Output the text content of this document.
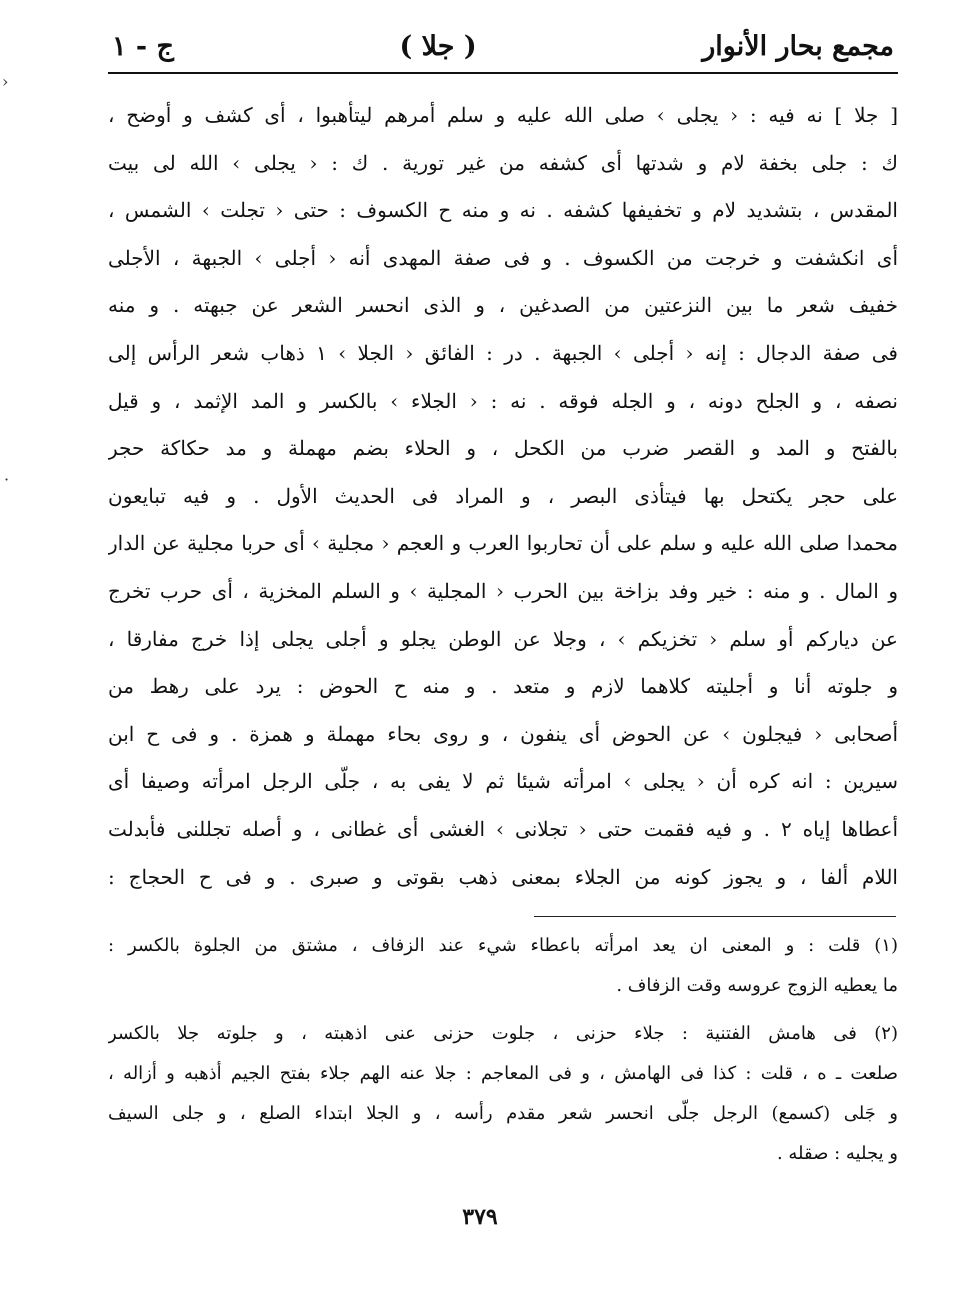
مجمع بحار الأنوار
( جلا )
ج - ١
[ جلا ] نه فيه : ‹ يجلى › صلى الله عليه و سلم أمرهم ليتأهبوا ، أى كشف و أوضح ،
ك : جلى بخفة لام و شدتها أى كشفه من غير تورية . ك : ‹ يجلى › الله لى بيت
المقدس ، بتشديد لام و تخفيفها كشفه . نه و منه ح الكسوف : حتى ‹ تجلت › الشمس ،
أى انكشفت و خرجت من الكسوف . و فى صفة المهدى أنه ‹ أجلى › الجبهة ، الأجلى
خفيف شعر ما بين النزعتين من الصدغين ، و الذى انحسر الشعر عن جبهته . و منه
فى صفة الدجال : إنه ‹ أجلى › الجبهة . در : الفائق ‹ الجلا › ١ ذهاب شعر الرأس إلى
نصفه ، و الجلح دونه ، و الجله فوقه . نه : ‹ الجلاء › بالكسر و المد الإثمد ، و قيل
بالفتح و المد و القصر ضرب من الكحل ، و الحلاء بضم مهملة و مد حكاكة حجر
على حجر يكتحل بها فيتأذى البصر ، و المراد فى الحديث الأول . و فيه تبايعون
محمدا صلى الله عليه و سلم على أن تحاربوا العرب و العجم ‹ مجلية › أى حربا مجلية عن الدار
و المال . و منه : خير وفد بزاخة بين الحرب ‹ المجلية › و السلم المخزية ، أى حرب تخرج
عن دياركم أو سلم ‹ تخزيكم › ، وجلا عن الوطن يجلو و أجلى يجلى إذا خرج مفارقا ،
و جلوته أنا و أجليته كلاهما لازم و متعد . و منه ح الحوض : يرد على رهط من
أصحابى ‹ فيجلون › عن الحوض أى ينفون ، و روى بحاء مهملة و همزة . و فى ح ابن
سيرين : انه كره أن ‹ يجلى › امرأته شيئا ثم لا يفى به ، جلّى الرجل امرأته وصيفا أى
أعطاها إياه ٢ . و فيه فقمت حتى ‹ تجلانى › الغشى أى غطانى ، و أصله تجللنى فأبدلت
اللام ألفا ، و يجوز كونه من الجلاء بمعنى ذهب بقوتى و صبرى . و فى ح الحجاج :
(١) قلت : و المعنى ان يعد امرأته باعطاء شيء عند الزفاف ، مشتق من الجلوة بالكسر :
ما يعطيه الزوج عروسه وقت الزفاف .
(٢) فى هامش الفتنية : جلاء حزنى ، جلوت حزنى عنى اذهبته ، و جلوته جلا بالكسر
صلعت ـ ه ، قلت : كذا فى الهامش ، و فى المعاجم : جلا عنه الهم جلاء بفتح الجيم أذهبه و أزاله ،
و جَلى (كسمع) الرجل جلّى انحسر شعر مقدم رأسه ، و الجلا ابتداء الصلع ، و جلى السيف
و يجليه : صقله .
٣٧٩
›
·
